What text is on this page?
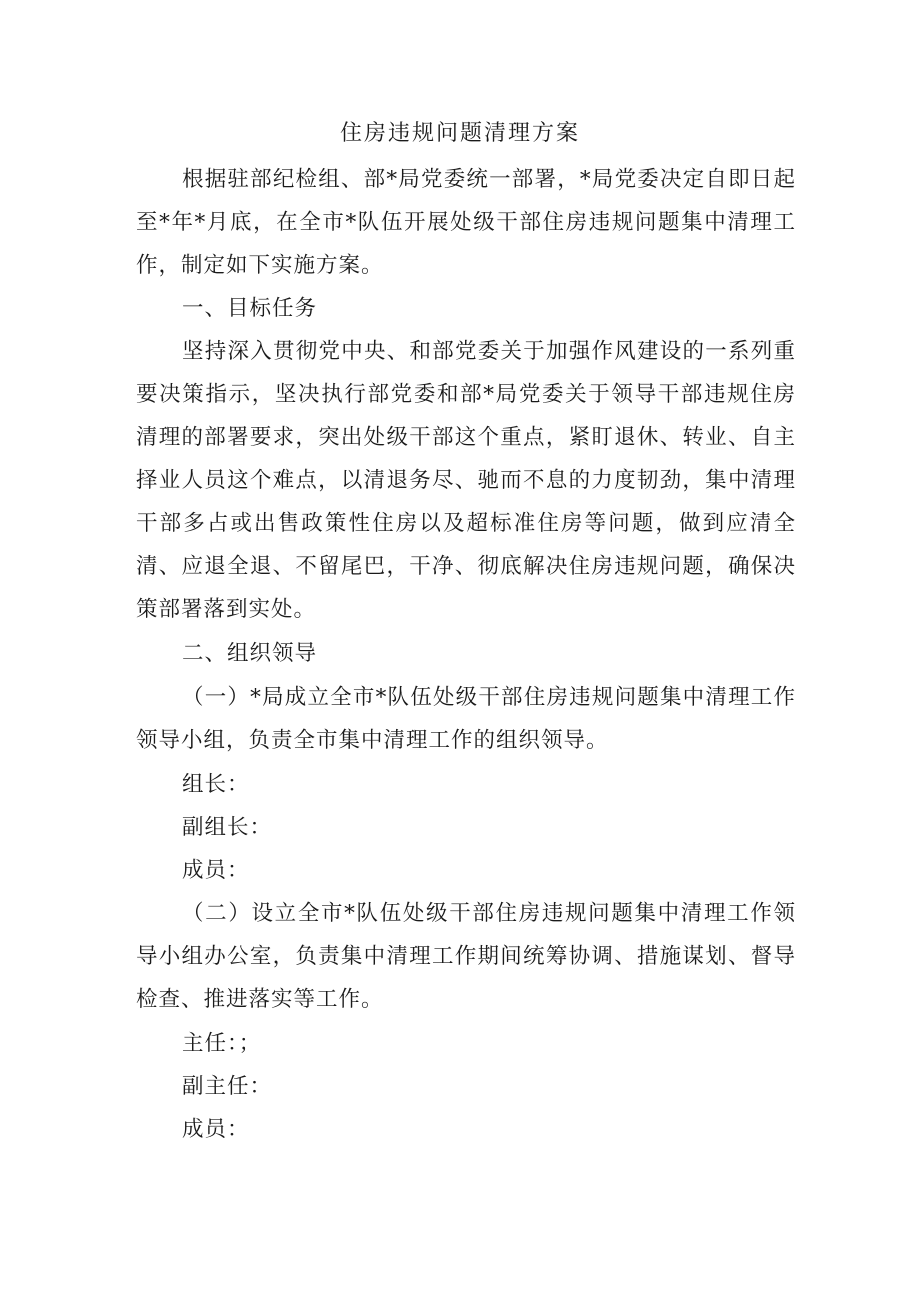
住房违规问题清理方案

根据驻部纪检组、部*局党委统一部署，*局党委决定自即日起至*年*月底，在全市*队伍开展处级干部住房违规问题集中清理工作，制定如下实施方案。

一、目标任务

坚持深入贯彻党中央、和部党委关于加强作风建设的一系列重要决策指示，坚决执行部党委和部*局党委关于领导干部违规住房清理的部署要求，突出处级干部这个重点，紧盯退休、转业、自主择业人员这个难点，以清退务尽、驰而不息的力度韧劲，集中清理干部多占或出售政策性住房以及超标准住房等问题，做到应清全清、应退全退、不留尾巴，干净、彻底解决住房违规问题，确保决策部署落到实处。

二、组织领导

（一）*局成立全市*队伍处级干部住房违规问题集中清理工作领导小组，负责全市集中清理工作的组织领导。

组长：
副组长：
成员：

（二）设立全市*队伍处级干部住房违规问题集中清理工作领导小组办公室，负责集中清理工作期间统筹协调、措施谋划、督导检查、推进落实等工作。

主任：；
副主任：
成员：
